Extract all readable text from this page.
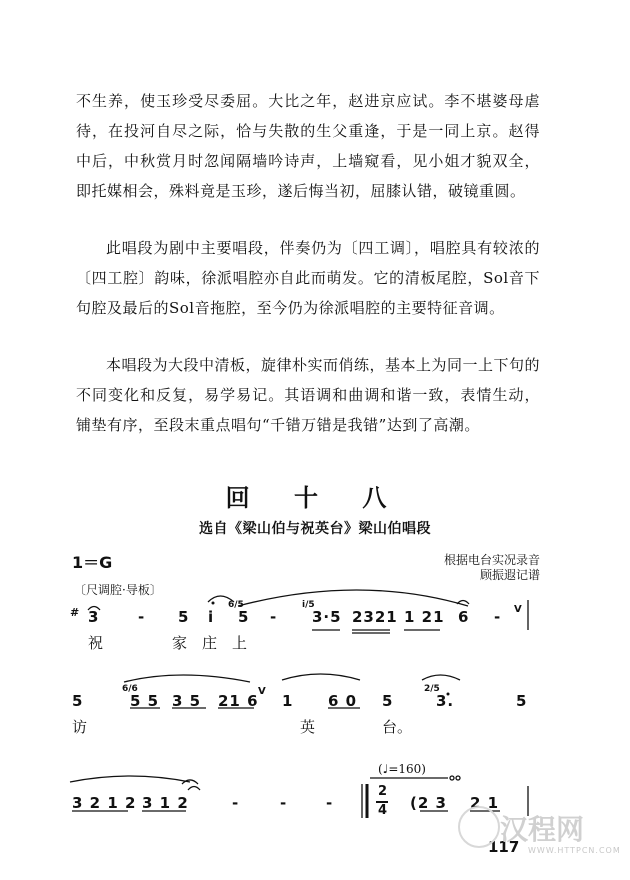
不生养，使玉珍受尽委屈。大比之年，赵进京应试。李不堪婆母虐待，在投河自尽之际，恰与失散的生父重逢，于是一同上京。赵得中后，中秋赏月时忽闻隔墙吟诗声，上墙窥看，见小姐才貌双全，即托媒相会，殊料竟是玉珍，遂后悔当初，屈膝认错，破镜重圆。

此唱段为剧中主要唱段，伴奏仍为〔四工调〕，唱腔具有较浓的〔四工腔〕韵味，徐派唱腔亦自此而萌发。它的清板尾腔，Sol音下句腔及最后的Sol音拖腔，至今仍为徐派唱腔的主要特征音调。

本唱段为大段中清板，旋律朴实而俏练，基本上为同一上下句的不同变化和反复，易学易记。其语调和曲调和谐一致，表情生动，铺垫有序，至段末重点唱句“千错万错是我错”达到了高潮。

回 十 八
选自《梁山伯与祝英台》梁山伯唱段
1＝G	根据电台实况录音
顾振遐记谱
〔尺调腔·导板〕
# 3	- 5 i
6/5
5 -
i/5
3·5 2321 1 21 6 - V
祝	家 庄 上
5
6/6
5 5 3 5 21 6
V
1 6 0 5
2/5
3.	5
访	英	台。
3 2 1 2 3 1 2	-	-	-
(♩=160)
2
4 (2 3 2 1
117
汉程网
WWW.HTTPCN.COM
